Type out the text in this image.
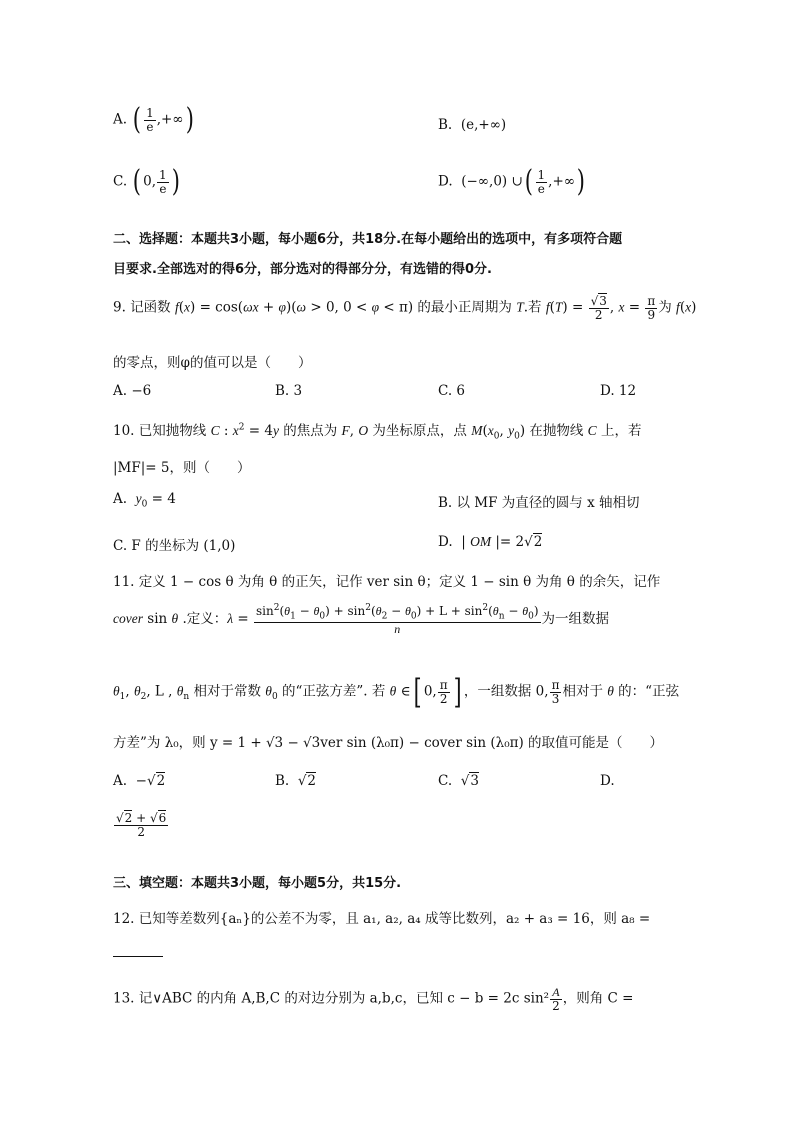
A. ( $\frac{1}{e}$ ,+∞)	B. (e,+∞)
C. ( 0, $\frac{1}{e}$ )	D.  (−∞,0) ∪( $\frac{1}{e}$ ,+∞)
二、选择题：本题共3小题，每小题6分，共18分.在每小题给出的选项中，有多项符合题
目要求.全部选对的得6分，部分选对的得部分分，有选错的得0分.
9. 记函数 f(x) = cos(ωx + φ)(ω > 0, 0 < φ < π) 的最小正周期为 T.若 $f(T) = \frac{√3}{2}$ , $x = \frac{\pi}{9}$ 为 f(x)
的零点，则φ的值可以是（　　）
A. −6	B. 3	C. 6	D. 12
10. 已知抛物线 C : $x^2 = 4y$ 的焦点为 F, O 为坐标原点，点 $M(x_0$, $y_0$) 在抛物线 C 上，若
|MF|= 5，则（　　）
A. $y_0 = 4$	B. 以 MF 为直径的圆与 x 轴相切
C. F 的坐标为 (1,0)	D.  | OM |= 2√2
11. 定义 1 − cos θ 为角 θ 的正矢，记作 ver sin θ；定义 1 − sin θ 为角 θ 的余矢，记作
cover sin θ .定义：$\lambda = \frac{\sin^2(\theta_1 - \theta_0) + \sin^2(\theta_2 - \theta_0) + L + \sin^2(\theta_n - \theta_0)}{n}$ 为一组数据
$\theta_1$, $\theta_2$, L , $\theta_n$ 相对于常数 $\theta_0$ 的“正弦方差”. 若 θ ∈[ 0, $\frac{\pi}{2}$ ] ，一组数据 0, $\frac{\pi}{3}$ 相对于 θ 的：“正弦
方差”为 λ₀，则 y = 1 + √3 − √3ver sin (λ₀π) − cover sin (λ₀π) 的取值可能是（　　）
A.  −√2	B. √2	C. √3	D.
$\frac{√2 + √6}{2}$
三、填空题：本题共3小题，每小题5分，共15分.
12. 已知等差数列{aₙ}的公差不为零，且 a₁, a₂, a₄ 成等比数列，a₂ + a₃ = 16，则 a₈ =
13. 记∨ABC 的内角 A,B,C 的对边分别为 a,b,c，已知 c − b = 2c $\sin^2 \frac{A}{2}$ ，则角 C =
